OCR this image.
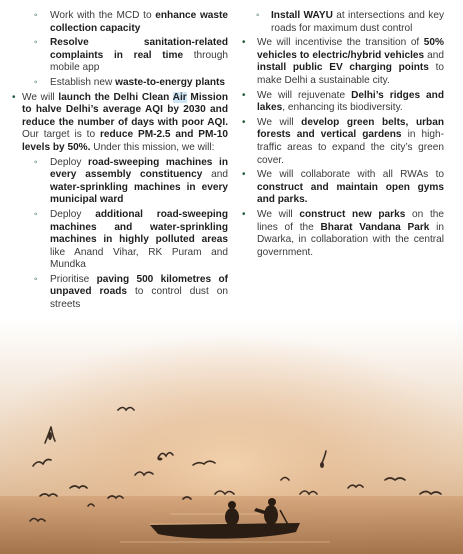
◦ Work with the MCD to enhance waste collection capacity
◦ Resolve sanitation-related complaints in real time through mobile app
◦ Establish new waste-to-energy plants
• We will launch the Delhi Clean Air Mission to halve Delhi’s average AQI by 2030 and reduce the number of days with poor AQI. Our target is to reduce PM-2.5 and PM-10 levels by 50%. Under this mission, we will:
◦ Deploy road-sweeping machines in every assembly constituency and water-sprinkling machines in every municipal ward
◦ Deploy additional road-sweeping machines and water-sprinkling machines in highly polluted areas like Anand Vihar, RK Puram and Mundka
◦ Prioritise paving 500 kilometres of unpaved roads to control dust on streets
◦ Install WAYU at intersections and key roads for maximum dust control
• We will incentivise the transition of 50% vehicles to electric/hybrid vehicles and install public EV charging points to make Delhi a sustainable city.
• We will rejuvenate Delhi’s ridges and lakes, enhancing its biodiversity.
• We will develop green belts, urban forests and vertical gardens in high-traffic areas to expand the city’s green cover.
• We will collaborate with all RWAs to construct and maintain open gyms and parks.
• We will construct new parks on the lines of the Bharat Vandana Park in Dwarka, in collaboration with the central government.
